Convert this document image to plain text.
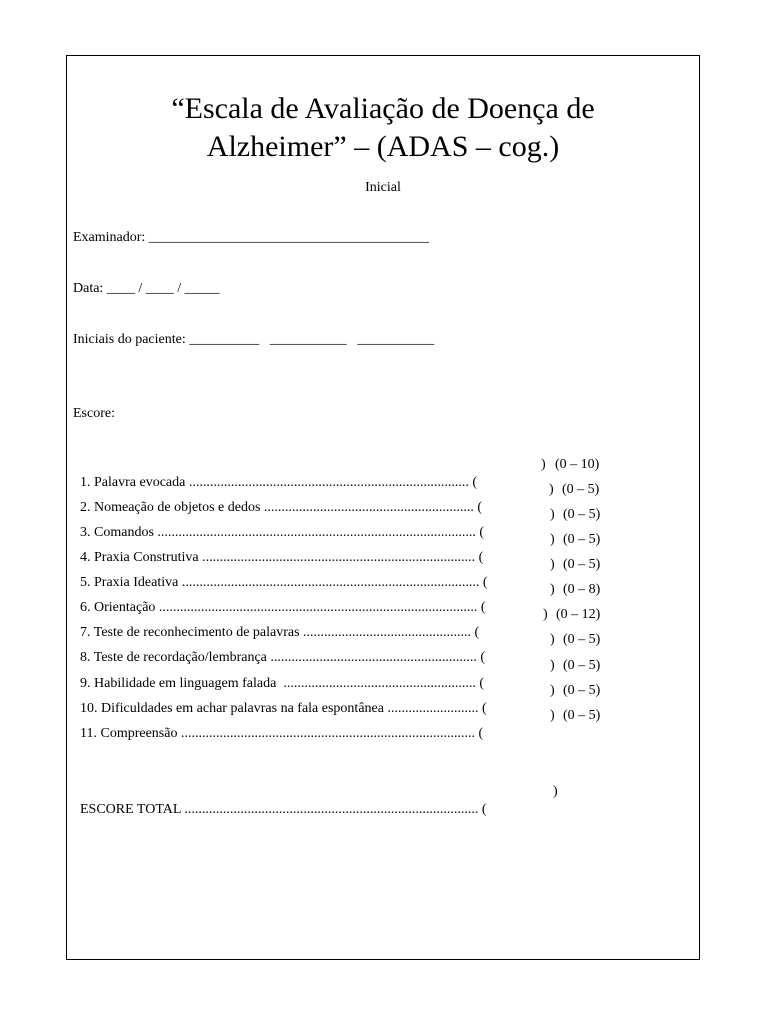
“Escala de Avaliação de Doença de
Alzheimer” – (ADAS – cog.)
Inicial
Examinador: ________________________________________
Data: ____ / ____ / _____
Iniciais do paciente: __________   ___________   ___________
Escore:

1. Palavra evocada ................................................................................ (

)

(0 – 10)

2. Nomeação de objetos e dedos ............................................................ (

)

(0 – 5)

3. Comandos ........................................................................................... (

)

(0 – 5)

4. Praxia Construtiva .............................................................................. (

)

(0 – 5)

5. Praxia Ideativa ..................................................................................... (

)

(0 – 5)

6. Orientação ........................................................................................... (

)

(0 – 8)

7. Teste de reconhecimento de palavras ................................................ (

)

(0 – 12)

8. Teste de recordação/lembrança ........................................................... (

)

(0 – 5)

9. Habilidade em linguagem falada  ....................................................... (

)

(0 – 5)

10. Dificuldades em achar palavras na fala espontânea .......................... (

)

(0 – 5)

11. Compreensão .................................................................................... (

)

(0 – 5)

ESCORE TOTAL .................................................................................... (

)
